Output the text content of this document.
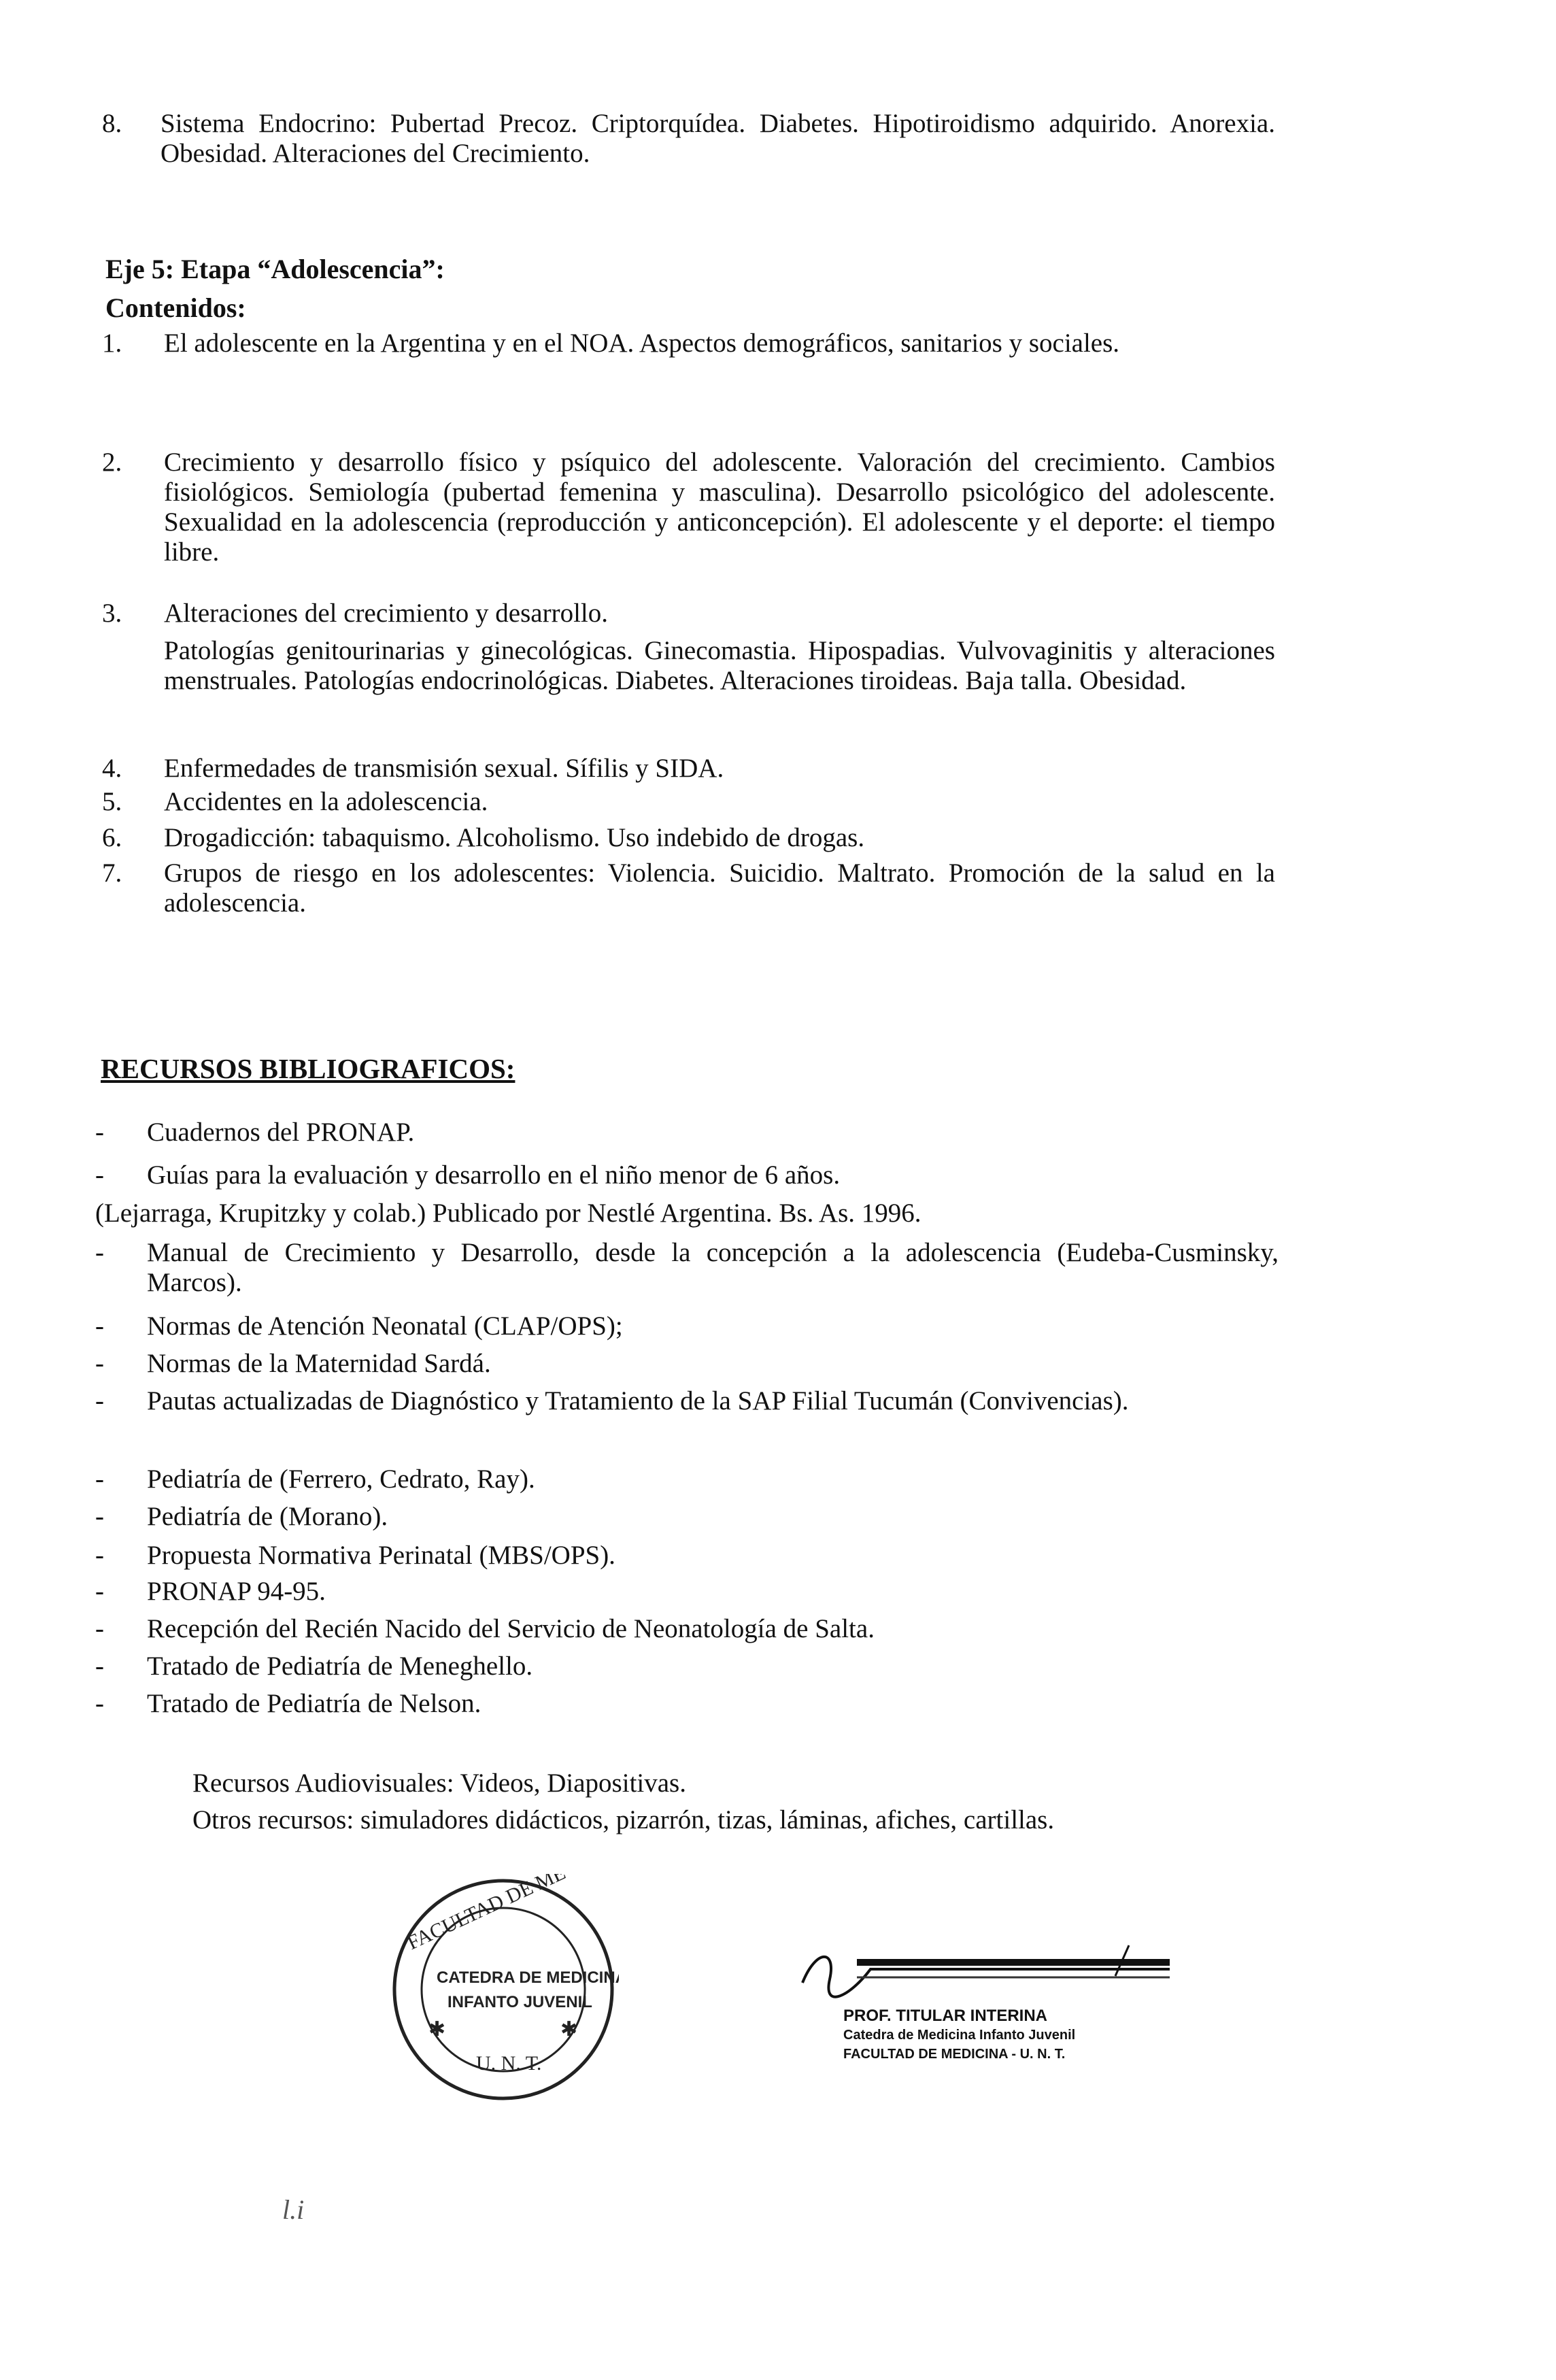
8. Sistema Endocrino: Pubertad Precoz. Criptorquídea. Diabetes. Hipotiroidismo adquirido. Anorexia. Obesidad. Alteraciones del Crecimiento.
Eje 5: Etapa “Adolescencia”:
Contenidos:
1. El adolescente en la Argentina y en el NOA. Aspectos demográficos, sanitarios y sociales.
2. Crecimiento y desarrollo físico y psíquico del adolescente. Valoración del crecimiento. Cambios fisiológicos. Semiología (pubertad femenina y masculina). Desarrollo psicológico del adolescente. Sexualidad en la adolescencia (reproducción y anticoncepción). El adolescente y el deporte: el tiempo libre.
3. Alteraciones del crecimiento y desarrollo.
Patologías genitourinarias y ginecológicas. Ginecomastia. Hipospadias. Vulvovaginitis y alteraciones menstruales. Patologías endocrinológicas. Diabetes. Alteraciones tiroideas. Baja talla. Obesidad.
4. Enfermedades de transmisión sexual. Sífilis y SIDA.
5. Accidentes en la adolescencia.
6. Drogadicción: tabaquismo. Alcoholismo. Uso indebido de drogas.
7. Grupos de riesgo en los adolescentes: Violencia. Suicidio. Maltrato. Promoción de la salud en la adolescencia.
RECURSOS BIBLIOGRAFICOS:
- Cuadernos del PRONAP.
- Guías para la evaluación y desarrollo en el niño menor de 6 años.
(Lejarraga, Krupitzky y colab.) Publicado por Nestlé Argentina. Bs. As. 1996.
- Manual de Crecimiento y Desarrollo, desde la concepción a la adolescencia (Eudeba-Cusminsky, Marcos).
- Normas de Atención Neonatal (CLAP/OPS);
- Normas de la Maternidad Sardá.
- Pautas actualizadas de Diagnóstico y Tratamiento de la SAP Filial Tucumán (Convivencias).
- Pediatría de (Ferrero, Cedrato, Ray).
- Pediatría de (Morano).
- Propuesta Normativa Perinatal (MBS/OPS).
- PRONAP 94-95.
- Recepción del Recién Nacido del Servicio de Neonatología de Salta.
- Tratado de Pediatría de Meneghello.
- Tratado de Pediatría de Nelson.
Recursos Audiovisuales: Videos, Diapositivas.
Otros recursos: simuladores didácticos, pizarrón, tizas, láminas, afiches, cartillas.
FACULTAD DE ME
CATEDRA DE MEDICINA
INFANTO JUVENIL
✱	✱
U. N. T.
PROF. TITULAR INTERINA
Catedra de Medicina Infanto Juvenil
FACULTAD DE MEDICINA - U. N. T.
l.i
